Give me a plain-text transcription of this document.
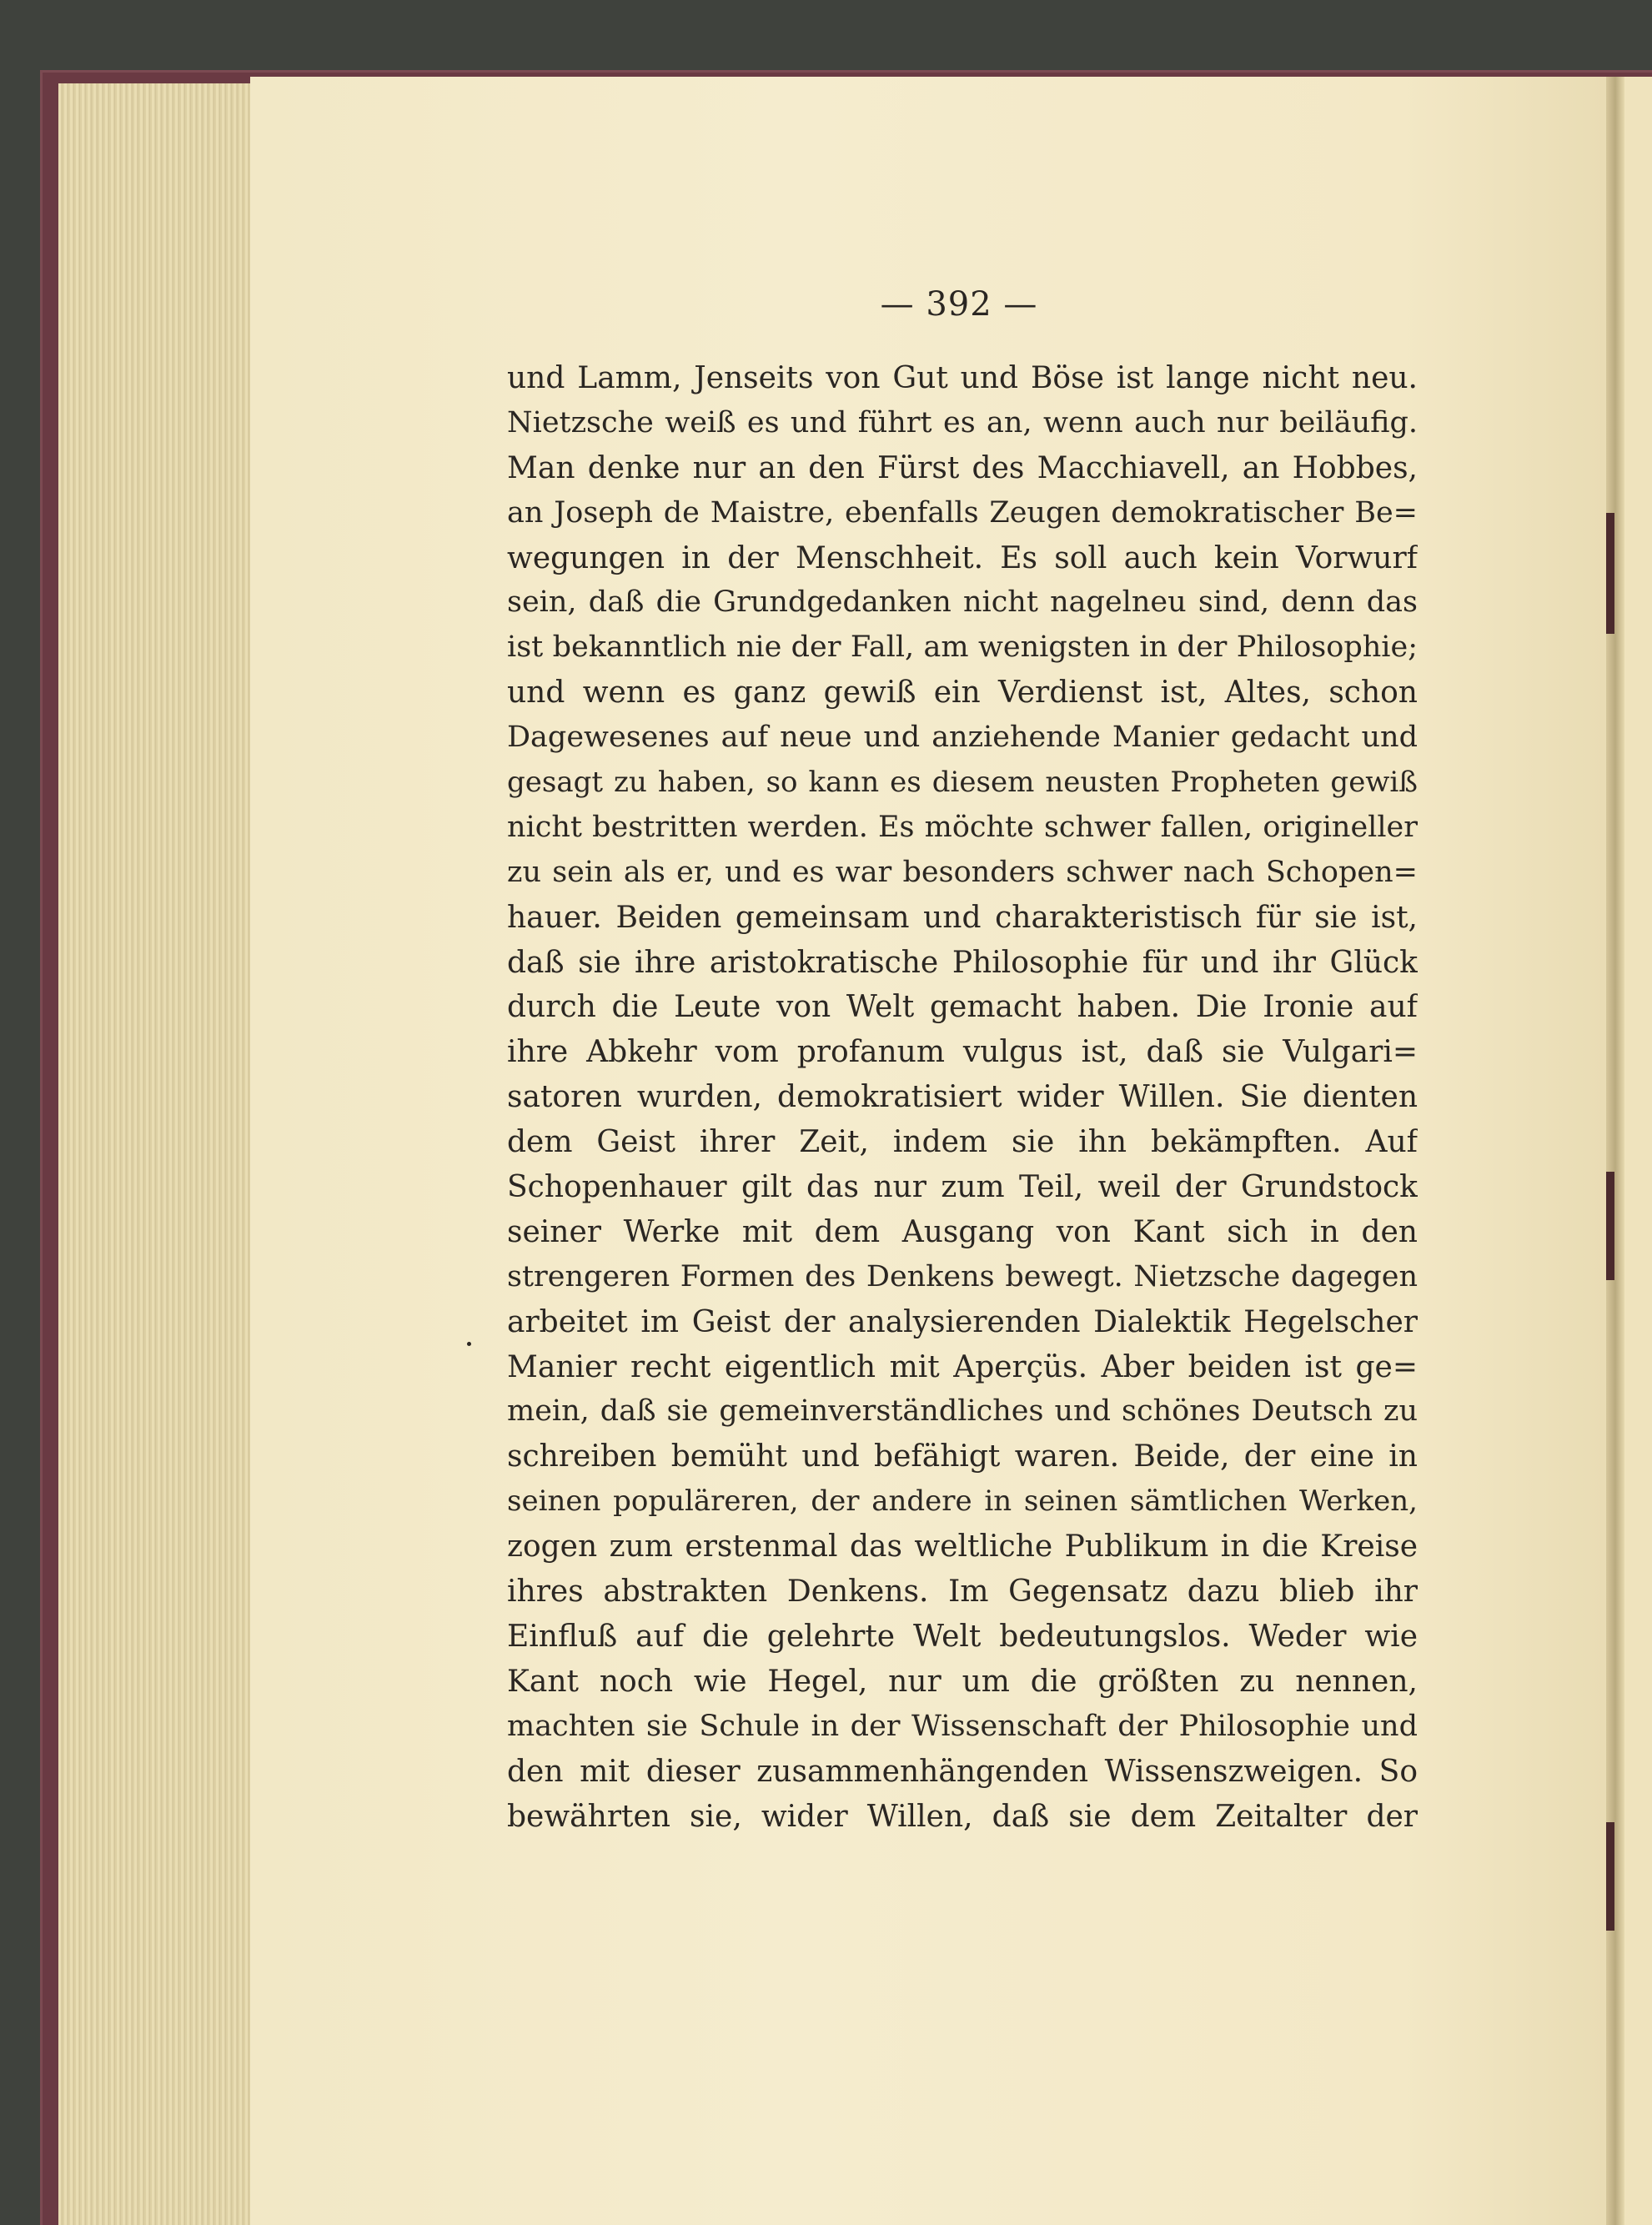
— 392 —
und Lamm, Jenseits von Gut und Böse ist lange nicht neu.
Nietzsche weiß es und führt es an, wenn auch nur beiläufig.
Man denke nur an den Fürst des Macchiavell, an Hobbes,
an Joseph de Maistre, ebenfalls Zeugen demokratischer Be=
wegungen in der Menschheit. Es soll auch kein Vorwurf
sein, daß die Grundgedanken nicht nagelneu sind, denn das
ist bekanntlich nie der Fall, am wenigsten in der Philosophie;
und wenn es ganz gewiß ein Verdienst ist, Altes, schon
Dagewesenes auf neue und anziehende Manier gedacht und
gesagt zu haben, so kann es diesem neusten Propheten gewiß
nicht bestritten werden. Es möchte schwer fallen, origineller
zu sein als er, und es war besonders schwer nach Schopen=
hauer. Beiden gemeinsam und charakteristisch für sie ist,
daß sie ihre aristokratische Philosophie für und ihr Glück
durch die Leute von Welt gemacht haben. Die Ironie auf
ihre Abkehr vom profanum vulgus ist, daß sie Vulgari=
satoren wurden, demokratisiert wider Willen. Sie dienten
dem Geist ihrer Zeit, indem sie ihn bekämpften. Auf
Schopenhauer gilt das nur zum Teil, weil der Grundstock
seiner Werke mit dem Ausgang von Kant sich in den
strengeren Formen des Denkens bewegt. Nietzsche dagegen
arbeitet im Geist der analysierenden Dialektik Hegelscher
Manier recht eigentlich mit Aperçüs. Aber beiden ist ge=
mein, daß sie gemeinverständliches und schönes Deutsch zu
schreiben bemüht und befähigt waren. Beide, der eine in
seinen populäreren, der andere in seinen sämtlichen Werken,
zogen zum erstenmal das weltliche Publikum in die Kreise
ihres abstrakten Denkens. Im Gegensatz dazu blieb ihr
Einfluß auf die gelehrte Welt bedeutungslos. Weder wie
Kant noch wie Hegel, nur um die größten zu nennen,
machten sie Schule in der Wissenschaft der Philosophie und
den mit dieser zusammenhängenden Wissenszweigen. So
bewährten sie, wider Willen, daß sie dem Zeitalter der
